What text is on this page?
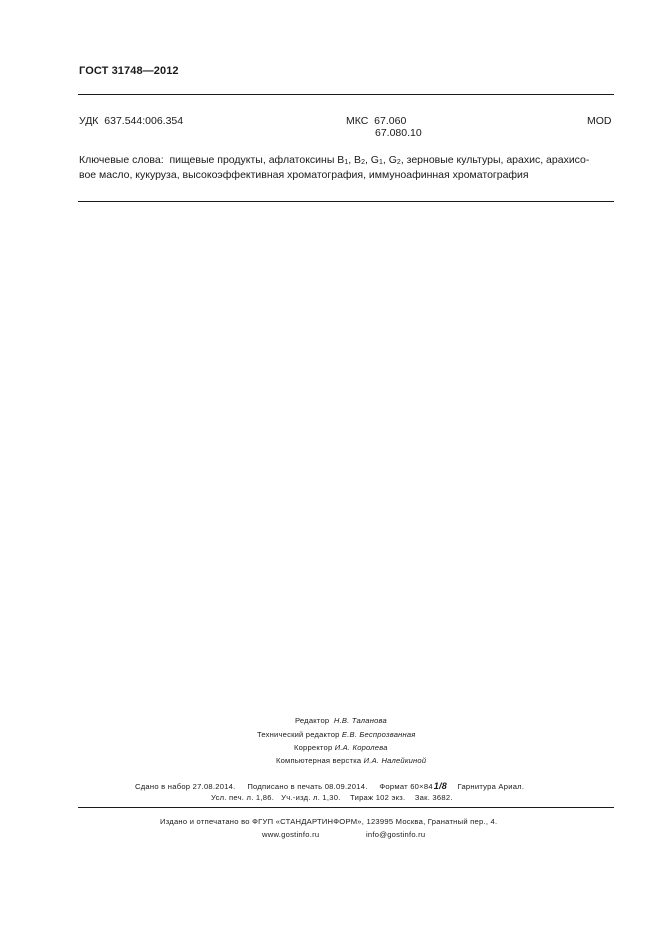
ГОСТ 31748—2012
УДК 637.544:006.354	МКС 67.060
67.080.10
MOD
Ключевые слова: пищевые продукты, афлатоксины $B_1$, $B_2$, $G_1$, $G_2$, зерновые культуры, арахис, арахисо-
вое масло, кукуруза, высокоэффективная хроматография, иммуноафинная хроматография
Редактор Н.В. Таланова
Технический редактор Е.В. Беспрозванная
Корректор И.А. Королева
Компьютерная верстка И.А. Налейкиной
Сдано в набор 27.08.2014. Подписано в печать 08.09.2014. Формат 60×841/8 Гарнитура Ариал.
Усл. печ. л. 1,86. Уч.-изд. л. 1,30. Тираж 102 экз. Зак. 3682.
Издано и отпечатано во ФГУП «СТАНДАРТИНФОРМ», 123995 Москва, Гранатный пер., 4.
www.gostinfo.ru	info@gostinfo.ru
